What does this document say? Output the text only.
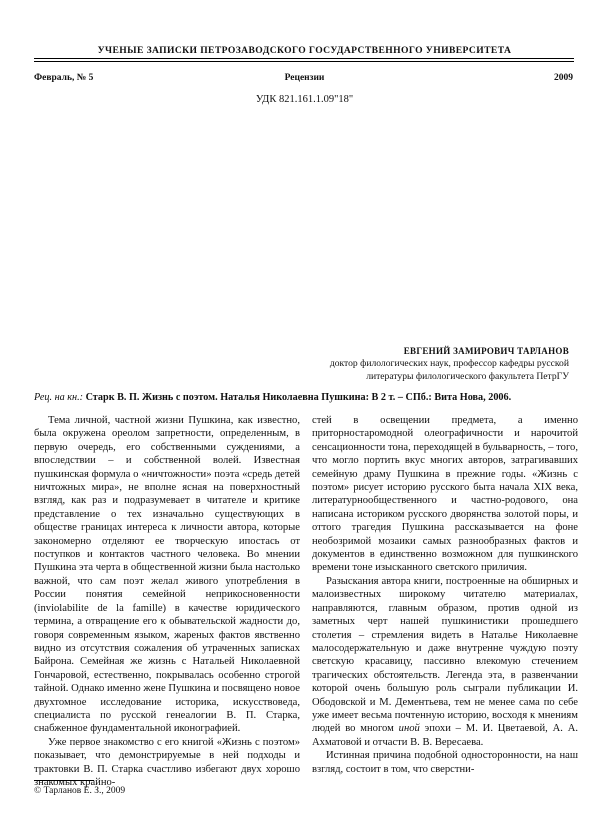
УЧЕНЫЕ ЗАПИСКИ ПЕТРОЗАВОДСКОГО ГОСУДАРСТВЕННОГО УНИВЕРСИТЕТА
Февраль, № 5	Рецензии	2009
УДК 821.161.1.09"18"
ЕВГЕНИЙ ЗАМИРОВИЧ ТАРЛАНОВ
доктор филологических наук, профессор кафедры русской литературы филологического факультета ПетрГУ
Рец. на кн.: Старк В. П. Жизнь с поэтом. Наталья Николаевна Пушкина: В 2 т. – СПб.: Вита Нова, 2006.

Тема личной, частной жизни Пушкина, как известно, была окружена ореолом запретности, определенным, в первую очередь, его собственными суждениями, а впоследствии – и собственной волей. Известная пушкинская формула о «ничтожности» поэта «средь детей ничтожных мира», не вполне ясная на поверхностный взгляд, как раз и подразумевает в читателе и критике представление о тех изначально существующих в обществе границах интереса к личности автора, которые закономерно отделяют ее творческую ипостась от поступков и контактов частного человека. Во мнении Пушкина эта черта в общественной жизни была настолько важной, что сам поэт желал живого употребления в России понятия семейной неприкосновенности (inviolabilite de la famille) в качестве юридического термина, а отвращение его к обывательской жадности до, говоря современным языком, жареных фактов явственно видно из отсутствия сожаления об утраченных записках Байрона. Семейная же жизнь с Натальей Николаевной Гончаровой, естественно, покрывалась особенно строгой тайной. Однако именно жене Пушкина и посвящено новое двухтомное исследование историка, искусствоведа, специалиста по русской генеалогии В. П. Старка, снабженное фундаментальной иконографией.

Уже первое знакомство с его книгой «Жизнь с поэтом» показывает, что демонстрируемые в ней подходы и трактовки В. П. Старка счастливо избегают двух хорошо знакомых крайно-

стей в освещении предмета, а именно приторностаромодной олеографичности и нарочитой сенсационности тона, переходящей в бульварность, – того, что могло портить вкус многих авторов, затрагивавших семейную драму Пушкина в прежние годы. «Жизнь с поэтом» рисует историю русского быта начала XIX века, литературнообщественного и частно-родового, она написана историком русского дворянства золотой поры, и оттого трагедия Пушкина рассказывается на фоне необозримой мозаики самых разнообразных фактов и документов в единственно возможном для пушкинского времени тоне изысканного светского приличия.

Разыскания автора книги, построенные на обширных и малоизвестных широкому читателю материалах, направляются, главным образом, против одной из заметных черт нашей пушкинистики прошедшего столетия – стремления видеть в Наталье Николаевне малосодержательную и даже внутренне чуждую поэту светскую красавицу, пассивно влекомую стечением трагических обстоятельств. Легенда эта, в развенчании которой очень большую роль сыграли публикации И. Ободовской и М. Дементьева, тем не менее сама по себе уже имеет весьма почтенную историю, восходя к мнениям людей во многом иной эпохи – М. И. Цветаевой, А. А. Ахматовой и отчасти В. В. Вересаева.

Истинная причина подобной односторонности, на наш взгляд, состоит в том, что сверстни-

© Тарланов Е. З., 2009
